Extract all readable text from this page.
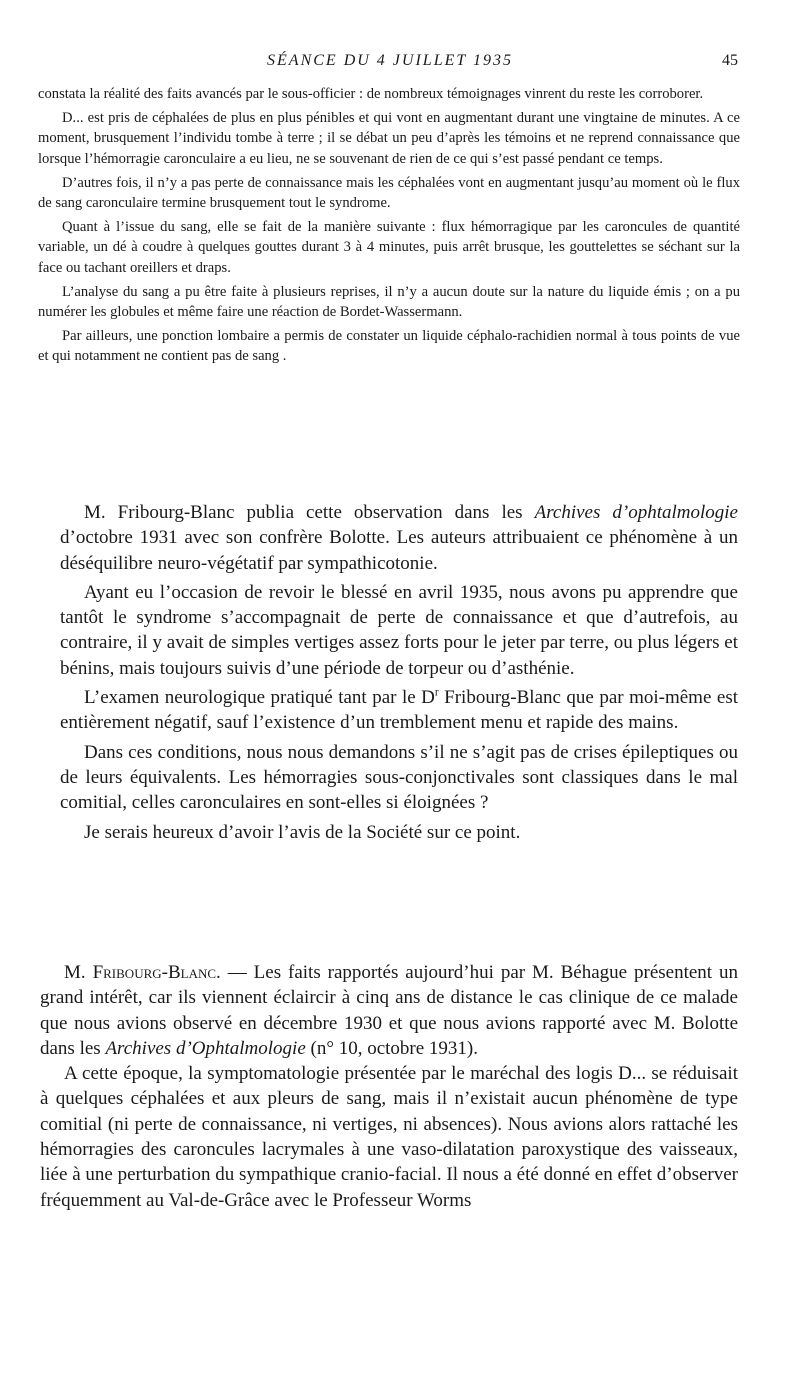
SÉANCE DU 4 JUILLET 1935	45

constata la réalité des faits avancés par le sous-officier : de nombreux témoignages vinrent du reste les corroborer.

D... est pris de céphalées de plus en plus pénibles et qui vont en augmentant durant une vingtaine de minutes. A ce moment, brusquement l’individu tombe à terre ; il se débat un peu d’après les témoins et ne reprend connaissance que lorsque l’hémorragie caronculaire a eu lieu, ne se souvenant de rien de ce qui s’est passé pendant ce temps.

D’autres fois, il n’y a pas perte de connaissance mais les céphalées vont en augmentant jusqu’au moment où le flux de sang caronculaire termine brusquement tout le syndrome.

Quant à l’issue du sang, elle se fait de la manière suivante : flux hémorragique par les caroncules de quantité variable, un dé à coudre à quelques gouttes durant 3 à 4 minutes, puis arrêt brusque, les gouttelettes se séchant sur la face ou tachant oreillers et draps.

L’analyse du sang a pu être faite à plusieurs reprises, il n’y a aucun doute sur la nature du liquide émis ; on a pu numérer les globules et même faire une réaction de Bordet-Wassermann.

Par ailleurs, une ponction lombaire a permis de constater un liquide céphalo-rachidien normal à tous points de vue et qui notamment ne contient pas de sang .

M. Fribourg-Blanc publia cette observation dans les Archives d’ophtalmologie d’octobre 1931 avec son confrère Bolotte. Les auteurs attribuaient ce phénomène à un déséquilibre neuro-végétatif par sympathicotonie.

Ayant eu l’occasion de revoir le blessé en avril 1935, nous avons pu apprendre que tantôt le syndrome s’accompagnait de perte de connaissance et que d’autrefois, au contraire, il y avait de simples vertiges assez forts pour le jeter par terre, ou plus légers et bénins, mais toujours suivis d’une période de torpeur ou d’asthénie.

L’examen neurologique pratiqué tant par le $D^r$ Fribourg-Blanc que par moi-même est entièrement négatif, sauf l’existence d’un tremblement menu et rapide des mains.

Dans ces conditions, nous nous demandons s’il ne s’agit pas de crises épileptiques ou de leurs équivalents. Les hémorragies sous-conjonctivales sont classiques dans le mal comitial, celles caronculaires en sont-elles si éloignées ?

Je serais heureux d’avoir l’avis de la Société sur ce point.

M. Fribourg-Blanc. — Les faits rapportés aujourd’hui par M. Béhague présentent un grand intérêt, car ils viennent éclaircir à cinq ans de distance le cas clinique de ce malade que nous avions observé en décembre 1930 et que nous avions rapporté avec M. Bolotte dans les Archives d’Ophtalmologie (n° 10, octobre 1931).

A cette époque, la symptomatologie présentée par le maréchal des logis D... se réduisait à quelques céphalées et aux pleurs de sang, mais il n’existait aucun phénomène de type comitial (ni perte de connaissance, ni vertiges, ni absences). Nous avions alors rattaché les hémorragies des caroncules lacrymales à une vaso-dilatation paroxystique des vaisseaux, liée à une perturbation du sympathique cranio-facial. Il nous a été donné en effet d’observer fréquemment au Val-de-Grâce avec le Professeur Worms
